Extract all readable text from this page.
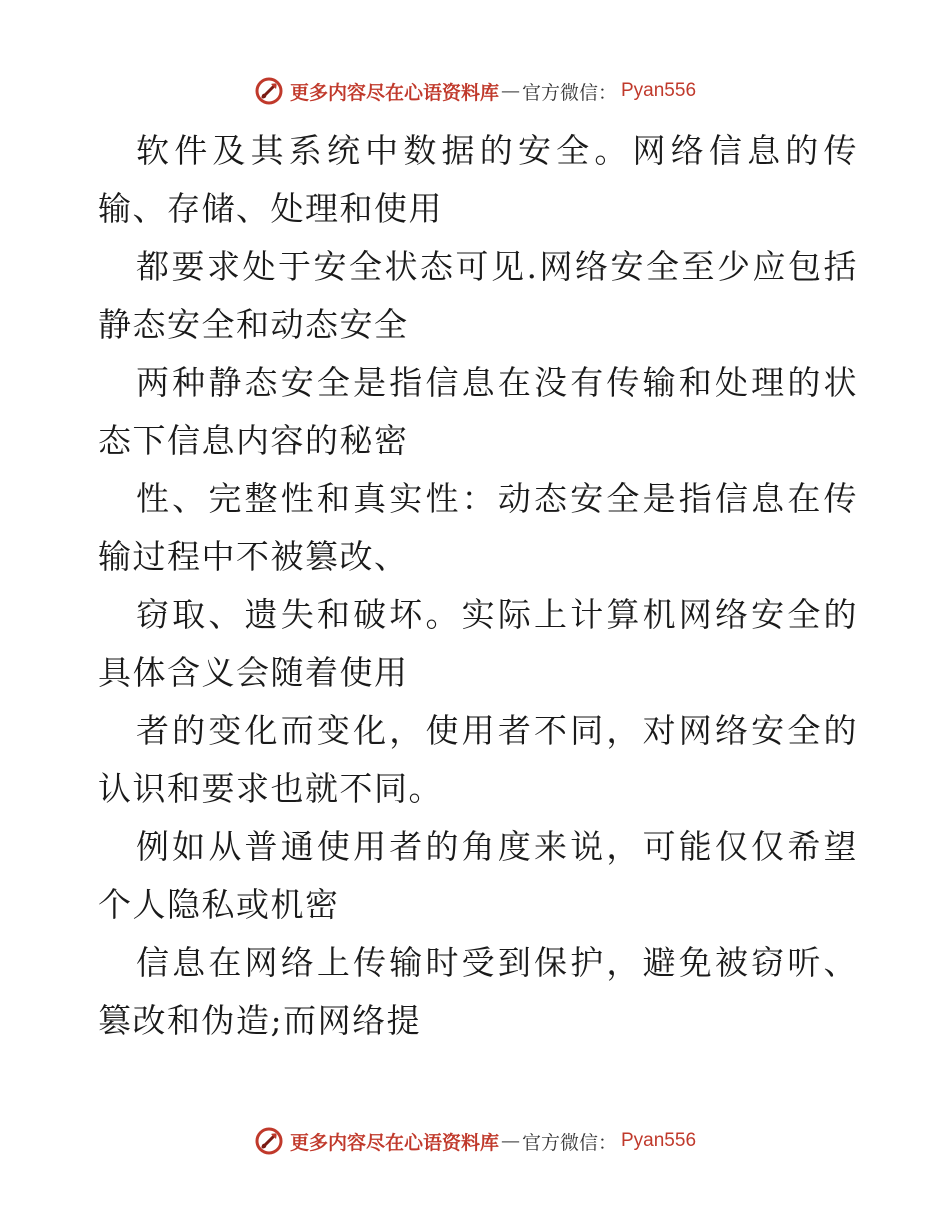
更多内容尽在心语资料库 — 官方微信： Pyan556

软件及其系统中数据的安全。网络信息的传输、存储、处理和使用

都要求处于安全状态可见.网络安全至少应包括静态安全和动态安全

两种静态安全是指信息在没有传输和处理的状态下信息内容的秘密

性、完整性和真实性：动态安全是指信息在传输过程中不被篡改、

窃取、遗失和破坏。实际上计算机网络安全的具体含义会随着使用

者的变化而变化，使用者不同，对网络安全的认识和要求也就不同。

例如从普通使用者的角度来说，可能仅仅希望个人隐私或机密

信息在网络上传输时受到保护，避免被窃听、篡改和伪造;而网络提

更多内容尽在心语资料库 — 官方微信： Pyan556
